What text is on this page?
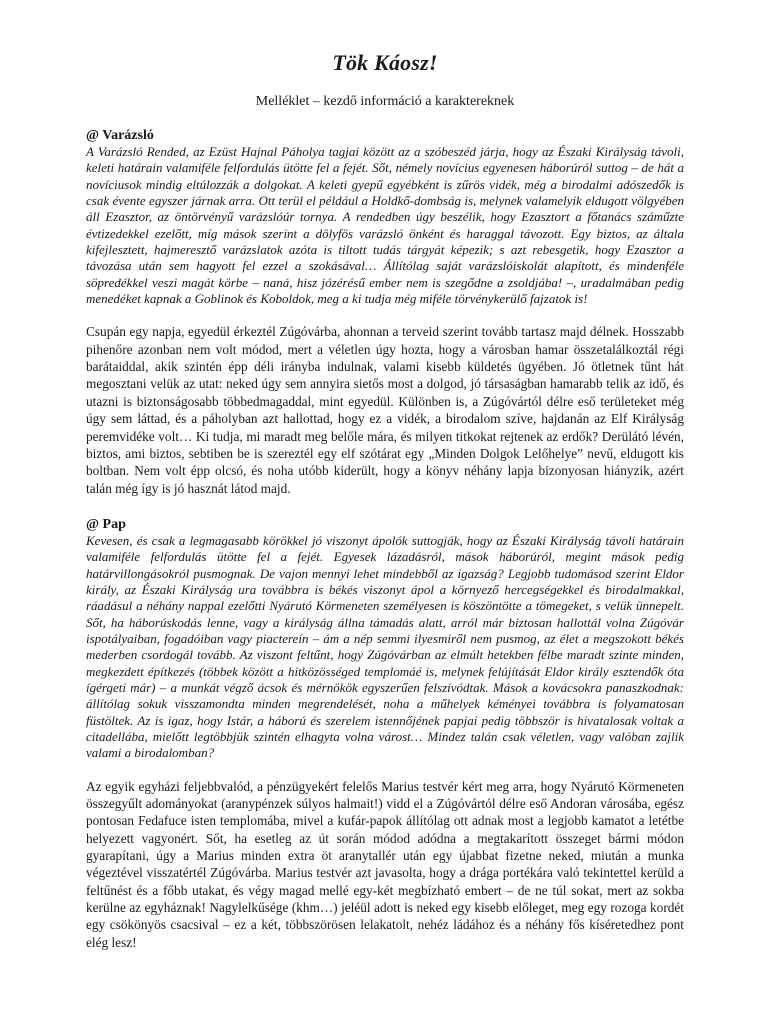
Tök Káosz!

Melléklet – kezdő információ a karaktereknek

@ Varázsló

A Varázsló Rended, az Ezüst Hajnal Páholya tagjai között az a szóbeszéd járja, hogy az Északi Királyság távoli, keleti határain valamiféle felfordulás ütötte fel a fejét. Sőt, némely novícius egyenesen háborúról suttog – de hát a novíciusok mindig eltúlozzák a dolgokat. A keleti gyepű egyébként is zűrös vidék, még a birodalmi adószedők is csak évente egyszer járnak arra. Ott terül el például a Holdkő-dombság is, melynek valamelyik eldugott völgyében áll Ezasztor, az öntörvényű varázslóúr tornya. A rendedben úgy beszélik, hogy Ezasztort a főtanács száműzte évtizedekkel ezelőtt, míg mások szerint a dölyfös varázsló önként és haraggal távozott. Egy biztos, az általa kifejlesztett, hajmeresztő varázslatok azóta is tiltott tudás tárgyát képezik; s azt rebesgetik, hogy Ezasztor a távozása után sem hagyott fel ezzel a szokásával… Állítólag saját varázslóiskolát alapított, és mindenféle söpredékkel veszi magát körbe – naná, hisz józérésű ember nem is szegődne a zsoldjába! –, uradalmában pedig menedéket kapnak a Goblinok és Koboldok, meg a ki tudja még miféle törvénykerülő fajzatok is!

Csupán egy napja, egyedül érkeztél Zúgóvárba, ahonnan a terveid szerint tovább tartasz majd délnek. Hosszabb pihenőre azonban nem volt módod, mert a véletlen úgy hozta, hogy a városban hamar összetalálkoztál régi barátaiddal, akik szintén épp déli irányba indulnak, valami kisebb küldetés ügyében. Jó ötletnek tűnt hát megosztani velük az utat: neked úgy sem annyira sietős most a dolgod, jó társaságban hamarabb telik az idő, és utazni is biztonságosabb többedmagaddal, mint egyedül. Különben is, a Zúgóvártól délre eső területeket még úgy sem láttad, és a páholyban azt hallottad, hogy ez a vidék, a birodalom szíve, hajdanán az Elf Királyság peremvidéke volt… Ki tudja, mi maradt meg belőle mára, és milyen titkokat rejtenek az erdők? Derülátó lévén, biztos, ami biztos, sebtiben be is szereztél egy elf szótárat egy „Minden Dolgok Lelőhelye” nevű, eldugott kis boltban. Nem volt épp olcsó, és noha utóbb kiderült, hogy a könyv néhány lapja bizonyosan hiányzik, azért talán még így is jó hasznát látod majd.

@ Pap

Kevesen, és csak a legmagasabb körökkel jó viszonyt ápolók suttogják, hogy az Északi Királyság távoli határain valamiféle felfordulás ütötte fel a fejét. Egyesek lázadásról, mások háborúról, megint mások pedig határvillongásokról pusmognak. De vajon mennyi lehet mindebből az igazság? Legjobb tudomásod szerint Eldor király, az Északi Királyság ura továbbra is békés viszonyt ápol a környező hercegségekkel és birodalmakkal, ráadásul a néhány nappal ezelőtti Nyárutó Körmeneten személyesen is köszöntötte a tömegeket, s velük ünnepelt. Sőt, ha háborúskodás lenne, vagy a királyság állna támadás alatt, arról már biztosan hallottál volna Zúgóvár ispotályaiban, fogadóiban vagy piactereín – ám a nép semmi ilyesmiről nem pusmog, az élet a megszokott békés mederben csordogál tovább. Az viszont feltűnt, hogy Zúgóvárban az elmúlt hetekben félbe maradt szinte minden, megkezdett építkezés (többek között a hitközösséged templomáé is, melynek felújítását Eldor király esztendők óta ígérgeti már) – a munkát végző ácsok és mérnökök egyszerűen felszívódtak. Mások a kovácsokra panaszkodnak: állítólag sokuk visszamondta minden megrendelését, noha a műhelyek kéményei továbbra is folyamatosan füstöltek. Az is igaz, hogy Istár, a háború és szerelem istennőjének papjai pedig többször is hivatalosak voltak a citadellába, mielőtt legtöbbjük szintén elhagyta volna várost… Mindez talán csak véletlen, vagy valóban zajlik valami a birodalomban?

Az egyik egyházi feljebbvalód, a pénzügyekért felelős Marius testvér kért meg arra, hogy Nyárutó Körmeneten összegyűlt adományokat (aranypénzek súlyos halmait!) vidd el a Zúgóvártól délre eső Andoran városába, egész pontosan Fedafuce isten templomába, mivel a kufár-papok állítólag ott adnak most a legjobb kamatot a letétbe helyezett vagyonért. Sőt, ha esetleg az út során módod adódna a megtakarított összeget bármi módon gyarapítani, úgy a Marius minden extra öt aranytallér után egy újabbat fizetne neked, miután a munka végeztével visszatértél Zúgóvárba. Marius testvér azt javasolta, hogy a drága portékára való tekintettel kerüld a feltűnést és a főbb utakat, és végy magad mellé egy-két megbízható embert – de ne túl sokat, mert az sokba kerülne az egyháznak! Nagylelkűsége (khm…) jeléül adott is neked egy kisebb előleget, meg egy rozoga kordét egy csökönyös csacsival – ez a két, többszörösen lelakatolt, nehéz ládához és a néhány fős kíséretedhez pont elég lesz!
